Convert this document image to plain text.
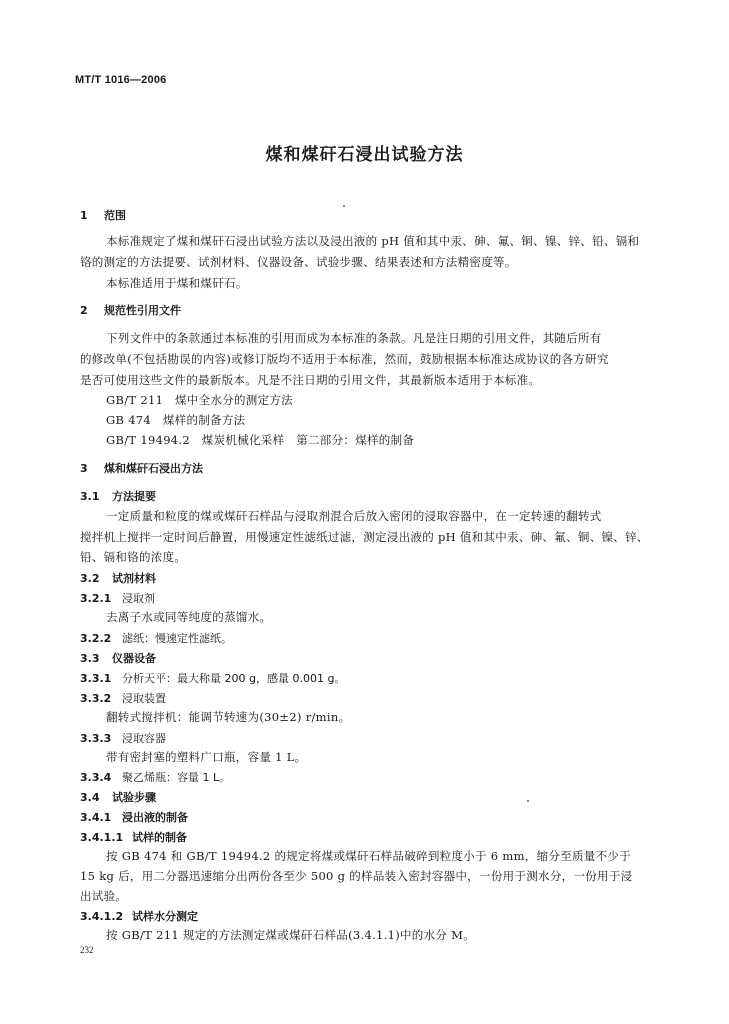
MT/T 1016—2006
煤和煤矸石浸出试验方法
1 范围
本标准规定了煤和煤矸石浸出试验方法以及浸出液的 pH 值和其中汞、砷、氟、铜、镍、锌、铅、镉和
铬的测定的方法提要、试剂材料、仪器设备、试验步骤、结果表述和方法精密度等。
本标准适用于煤和煤矸石。
2 规范性引用文件
下列文件中的条款通过本标准的引用而成为本标准的条款。凡是注日期的引用文件，其随后所有
的修改单(不包括勘误的内容)或修订版均不适用于本标准，然而，鼓励根据本标准达成协议的各方研究
是否可使用这些文件的最新版本。凡是不注日期的引用文件，其最新版本适用于本标准。
GB/T 211　煤中全水分的测定方法
GB 474　煤样的制备方法
GB/T 19494.2　煤炭机械化采样　第二部分：煤样的制备
3 煤和煤矸石浸出方法
3.1 方法提要
一定质量和粒度的煤或煤矸石样品与浸取剂混合后放入密闭的浸取容器中，在一定转速的翻转式
搅拌机上搅拌一定时间后静置，用慢速定性滤纸过滤，测定浸出液的 pH 值和其中汞、砷、氟、铜、镍、锌、
铅、镉和铬的浓度。
3.2 试剂材料
3.2.1 浸取剂
去离子水或同等纯度的蒸馏水。
3.2.2 滤纸：慢速定性滤纸。
3.3 仪器设备
3.3.1 分析天平：最大称量 200 g，感量 0.001 g。
3.3.2 浸取装置
翻转式搅拌机：能调节转速为(30±2) r/min。
3.3.3 浸取容器
带有密封塞的塑料广口瓶，容量 1 L。
3.3.4 聚乙烯瓶：容量 1 L。
3.4 试验步骤
3.4.1 浸出液的制备
3.4.1.1 试样的制备
按 GB 474 和 GB/T 19494.2 的规定将煤或煤矸石样品破碎到粒度小于 6 mm，缩分至质量不少于
15 kg 后，用二分器迅速缩分出两份各至少 500 g 的样品装入密封容器中，一份用于测水分，一份用于浸
出试验。
3.4.1.2 试样水分测定
按 GB/T 211 规定的方法测定煤或煤矸石样品(3.4.1.1)中的水分 M。
232
